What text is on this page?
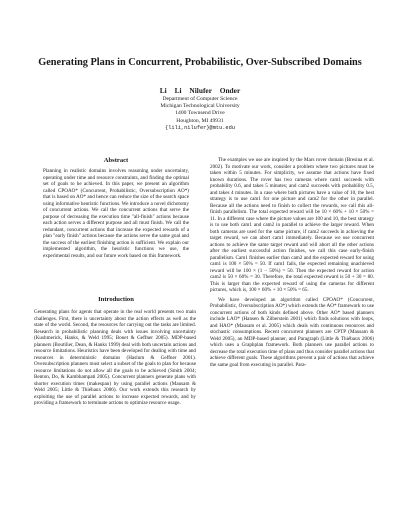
Generating Plans in Concurrent, Probabilistic, Over-Subscribed Domains
Li Li Nilufer Onder
Department of Computer Science
Michigan Technological University
1400 Townsend Drive
Houghton, MI 49931
{lili,nilufer}@mtu.edu
Abstract

Planning in realistic domains involves reasoning under uncertainty, operating under time and resource constraints, and finding the optimal set of goals to be achieved. In this paper, we present an algorithm called CPOAO* (Concurrent, Probabilistic, Oversubscription AO*) that is based on AO* and hence can reduce the size of the search space using informative heuristic functions. We introduce a novel dichotomy of concurrent actions. We call the concurrent actions that serve the purpose of decreasing the execution time "all-finish" actions because each action serves a different purpose and all must finish. We call the redundant, concurrent actions that increase the expected rewards of a plan "early finish" actions because the actions serve the same goal and the success of the earliest finishing action is sufficient. We explain our implemented algorithm, the heuristic functions we use, the experimental results, and our future work based on this framework.

Introduction

Generating plans for agents that operate in the real world presents two main challenges. First, there is uncertainty about the action effects as well as the state of the world. Second, the resources for carrying out the tasks are limited. Research in probabilistic planning deals with issues involving uncertainty (Kushmerick, Hanks, & Weld 1995; Bonet & Geffner 2005). MDP-based planners (Boutilier, Dean, & Hanks 1999) deal with both uncertain actions and resource limitations. Heuristics have been developed for dealing with time and resources in deterministic domains (Haslum & Geffner 2001). Oversubscription planners must select a subset of the goals to plan for because resource limitations do not allow all the goals to be achieved (Smith 2004; Benton, Do, & Kambhampati 2005). Concurrent planners generate plans with shorter execution times (makespan) by using parallel actions (Mausam & Weld 2005; Little & Thiébaux 2006). Our work extends this research by exploiting the use of parallel actions to increase expected rewards, and by providing a framework to terminate actions to optimize resource usage.

The examples we use are inspired by the Mars rover domain (Bresina et al. 2002). To motivate our work, consider a problem where two pictures must be taken within 5 minutes. For simplicity, we assume that actions have fixed known durations. The rover has two cameras where cam1 succeeds with probability 0.6, and takes 5 minutes; and cam2 succeeds with probability 0.5, and takes 4 minutes. In a case where both pictures have a value of 10, the best strategy is to use cam1 for one picture and cam2 for the other in parallel. Because all the actions need to finish to collect the rewards, we call this all-finish parallelism. The total expected reward will be 10 × 60% + 10 × 50% = 11. In a different case where the picture values are 100 and 10, the best strategy is to use both cam1 and cam2 in parallel to achieve the larger reward. When both cameras are used for the same picture, if cam2 succeeds in achieving the target reward, we can abort cam1 immediately. Because we use concurrent actions to achieve the same target reward and will abort all the other actions after the earliest successful action finishes, we call this case early-finish parallelism. Cam1 finishes earlier than cam2 and the expected reward for using cam1 is 100 × 50% = 50. If cam1 fails, the expected remaining unachieved reward will be 100 × (1 − 50%) = 50. Then the expected reward for action cam2 is 50 × 60% = 30. Therefore, the total expected reward is 50 + 30 = 80. This is larger than the expected reward of using the cameras for different pictures, which is, 100 × 60% + 10 × 50% = 65.

We have developed an algorithm called CPOAO* (Concurrent, Probabilistic, Oversubscription AO*) which extends the AO* framework to use concurrent actions of both kinds defined above. Other AO* based planners include LAO* (Hansen & Zilberstein 2001) which finds solutions with loops, and HAO* (Mausam et al. 2005) which deals with continuous resources and stochastic consumptions. Recent concurrent planners are CPTP (Mausam & Weld 2005), an MDP-based planner, and Paragraph (Little & Thiébaux 2006) which uses a Graphplan framework. Both planners use parallel actions to decrease the total execution time of plans and thus consider parallel actions that achieve different goals. These algorithms prevent a pair of actions that achieve the same goal from executing in parallel. Para-
